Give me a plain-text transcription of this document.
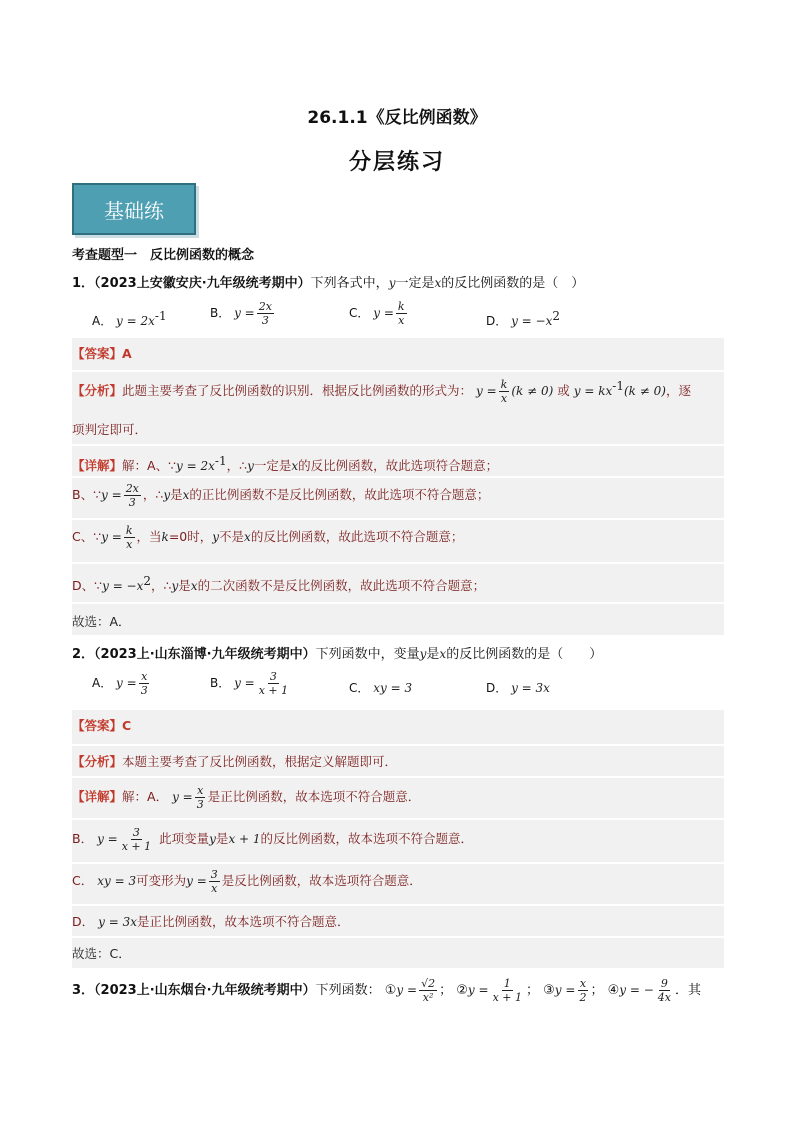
26.1.1《反比例函数》
分层练习
基础练
考查题型一　反比例函数的概念
1．（2023上安徽安庆·九年级统考期中）下列各式中，y一定是x的反比例函数的是（　）
A． $y = 2x^{-1}$	B． $y = \frac{2x}{3}$	C． $y = \frac{k}{x}$	D． $y = -x^2$
【答案】A
【分析】此题主要考查了反比例函数的识别．根据反比例函数的形式为： $y = \frac{k}{x} (k \ne 0)$ 或 $y = kx^{-1}(k \ne 0)$，逐
项判定即可．
【详解】解：A、∵y = $2x^{-1}$，∴y一定是x的反比例函数，故此选项符合题意；
B、∵y = $\frac{2x}{3}$ ，∴y是x的正比例函数不是反比例函数，故此选项不符合题意；
C、∵y = $\frac{k}{x}$ ，当k=0时，y不是x的反比例函数，故此选项不符合题意；
D、∵y = $-x^2$，∴y是x的二次函数不是反比例函数，故此选项不符合题意；
故选：A．
2．（2023上·山东淄博·九年级统考期中）下列函数中，变量y是x的反比例函数的是（　　）
A． $y = \frac{x}{3}$	B． $y = \frac{3}{x + 1}$	C． xy = 3	D． y = 3x
【答案】C
【分析】本题主要考查了反比例函数，根据定义解题即可．
【详解】解：A． $y = \frac{x}{3}$ 是正比例函数，故本选项不符合题意．
B． $y = \frac{3}{x + 1}$ 此项变量y是x + 1的反比例函数，故本选项不符合题意．
C． xy = 3可变形为$y = \frac{3}{x}$ 是反比例函数，故本选项符合题意．
D． y = 3x是正比例函数，故本选项不符合题意．
故选：C．
3．（2023上·山东烟台·九年级统考期中）下列函数： ①y = $\frac{√2}{\text{x²}}$ ； ②y = $\frac{1}{x + 1}$ ； ③y = $\frac{x}{2}$ ； ④y = − $\frac{9}{4x}$ ．其
